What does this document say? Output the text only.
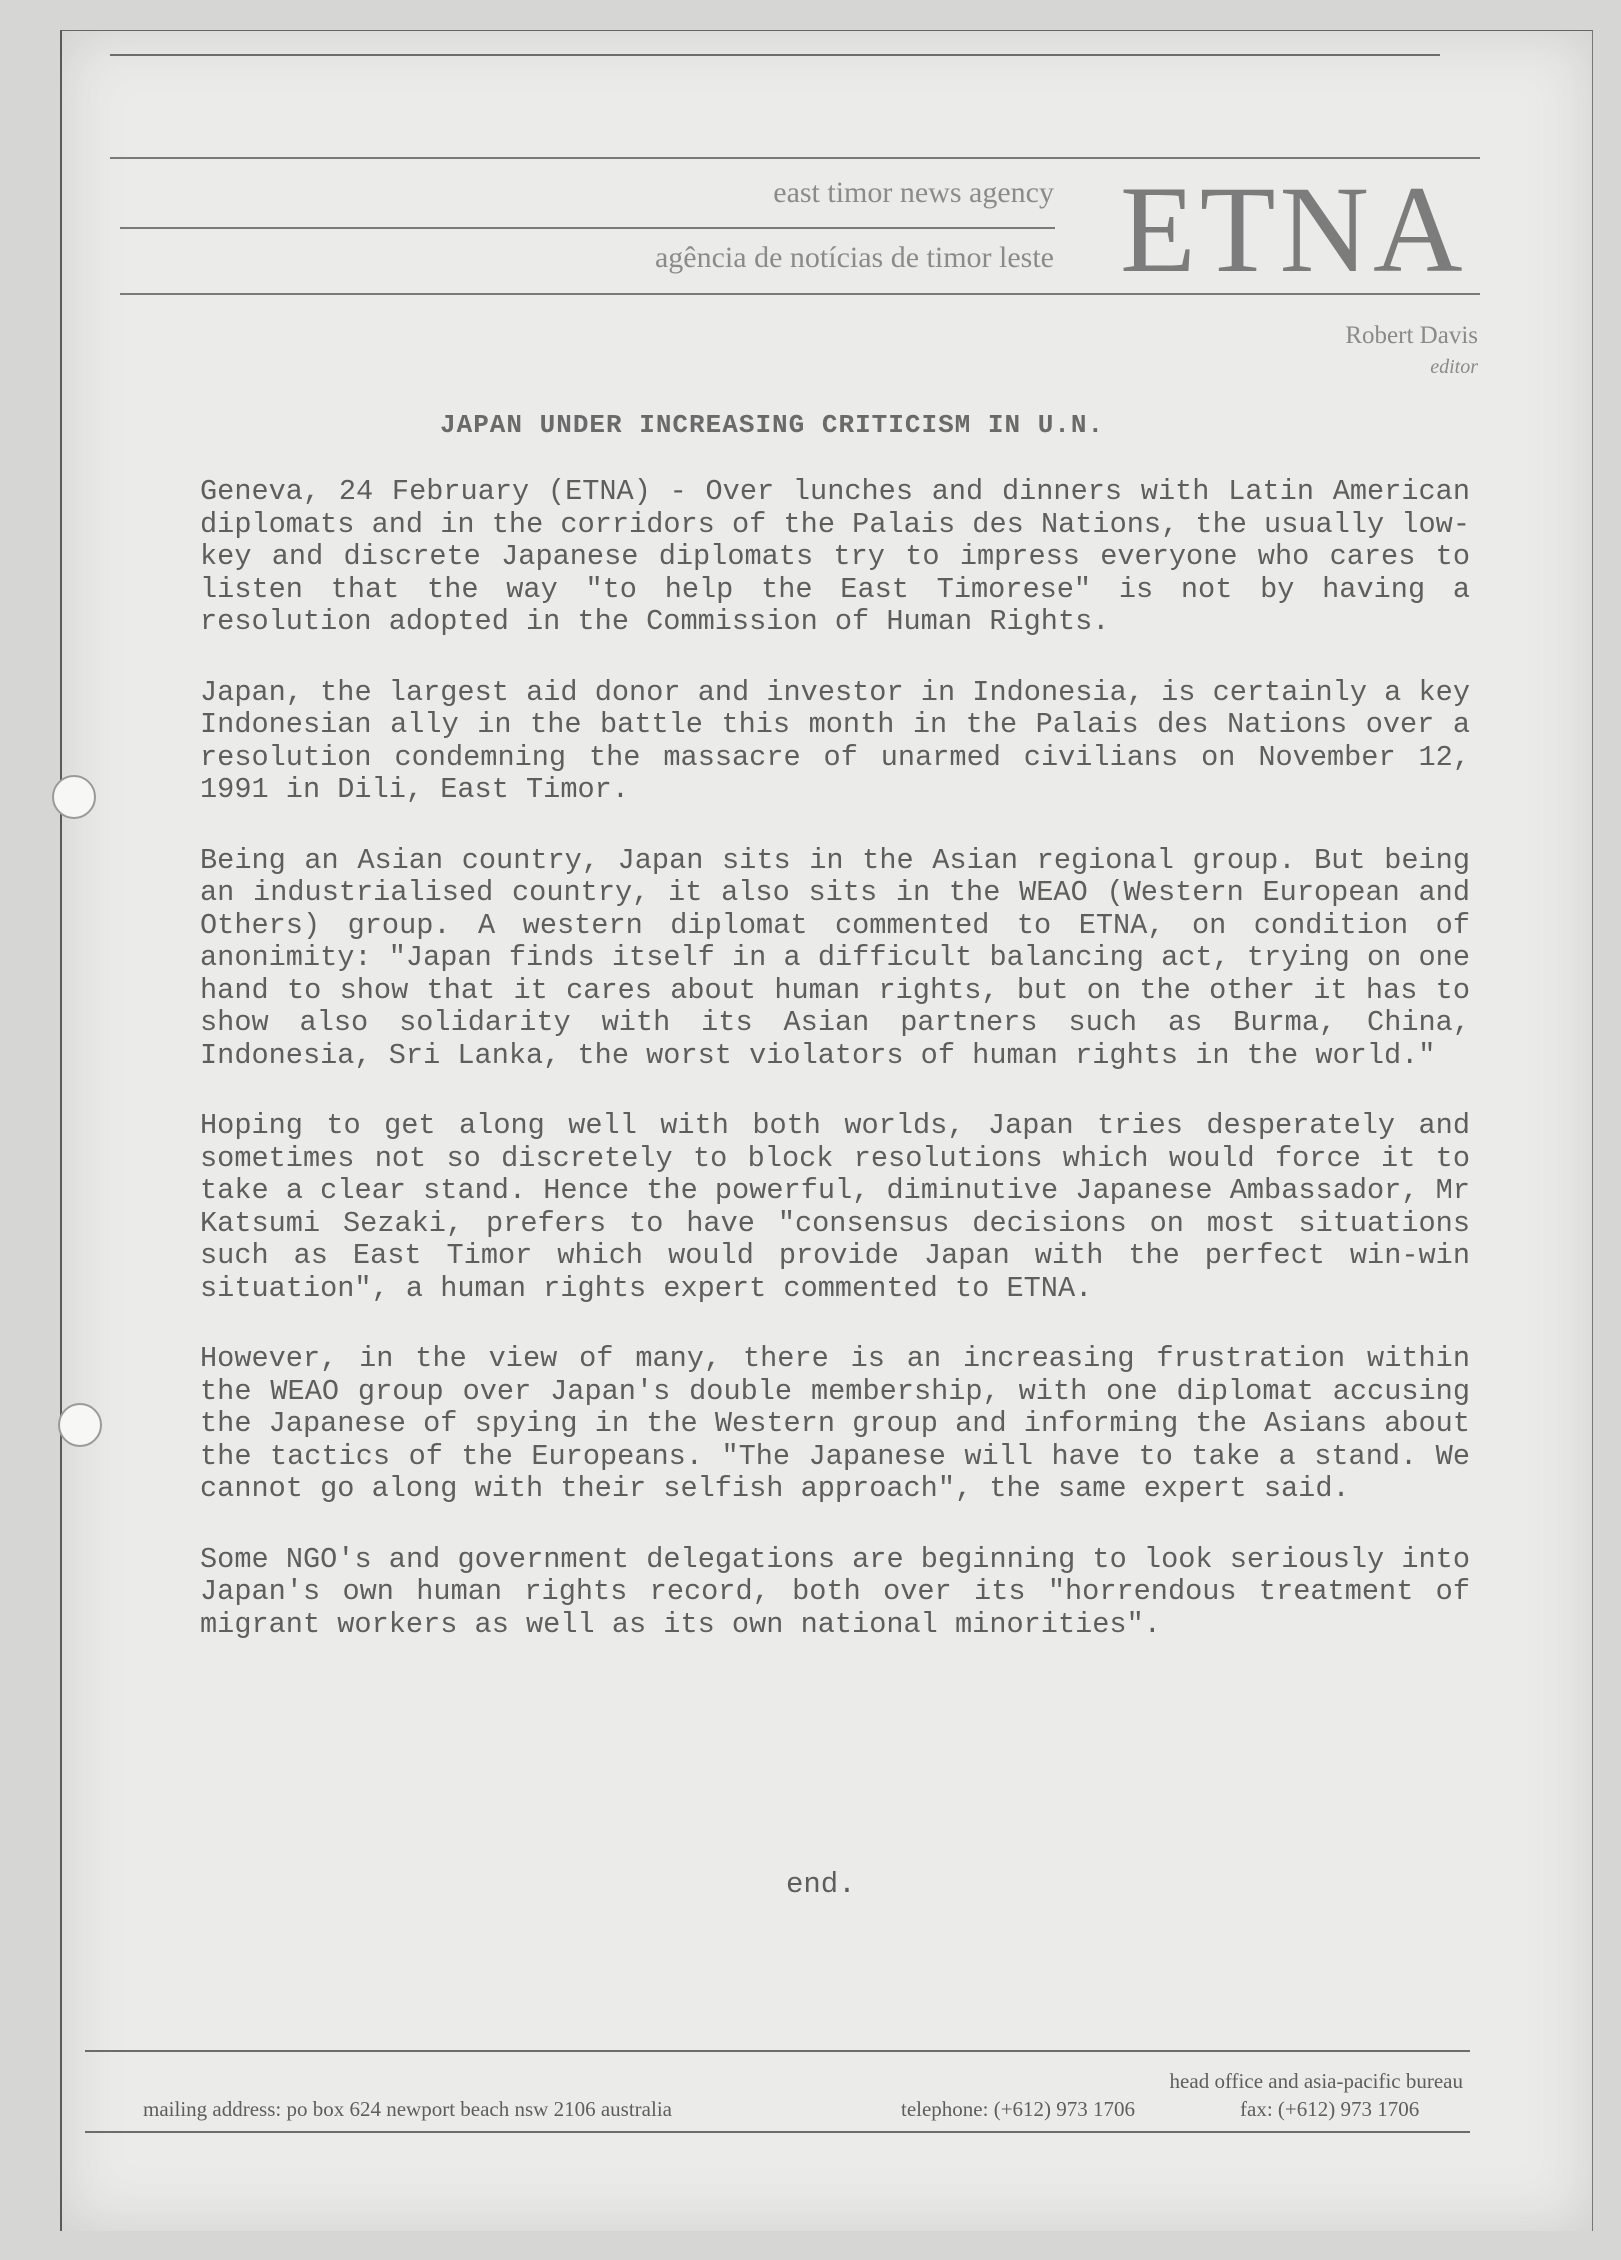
east timor news agency
agência de notícias de timor leste ETNA
Robert Davis
editor
JAPAN UNDER INCREASING CRITICISM IN U.N.

Geneva, 24 February (ETNA) - Over lunches and dinners with Latin American diplomats and in the corridors of the Palais des Nations, the usually low-key and discrete Japanese diplomats try to impress everyone who cares to listen that the way "to help the East Timorese" is not by having a resolution adopted in the Commission of Human Rights.

Japan, the largest aid donor and investor in Indonesia, is certainly a key Indonesian ally in the battle this month in the Palais des Nations over a resolution condemning the massacre of unarmed civilians on November 12, 1991 in Dili, East Timor.

Being an Asian country, Japan sits in the Asian regional group. But being an industrialised country, it also sits in the WEAO (Western European and Others) group. A western diplomat commented to ETNA, on condition of anonimity: "Japan finds itself in a difficult balancing act, trying on one hand to show that it cares about human rights, but on the other it has to show also solidarity with its Asian partners such as Burma, China, Indonesia, Sri Lanka, the worst violators of human rights in the world."

Hoping to get along well with both worlds, Japan tries desperately and sometimes not so discretely to block resolutions which would force it to take a clear stand. Hence the powerful, diminutive Japanese Ambassador, Mr Katsumi Sezaki, prefers to have "consensus decisions on most situations such as East Timor which would provide Japan with the perfect win-win situation", a human rights expert commented to ETNA.

However, in the view of many, there is an increasing frustration within the WEAO group over Japan's double membership, with one diplomat accusing the Japanese of spying in the Western group and informing the Asians about the tactics of the Europeans. "The Japanese will have to take a stand. We cannot go along with their selfish approach", the same expert said.

Some NGO's and government delegations are beginning to look seriously into Japan's own human rights record, both over its "horrendous treatment of migrant workers as well as its own national minorities".

end.
head office and asia-pacific bureau
mailing address: po box 624 newport beach nsw 2106 australia	telephone: (+612) 973 1706	fax: (+612) 973 1706
